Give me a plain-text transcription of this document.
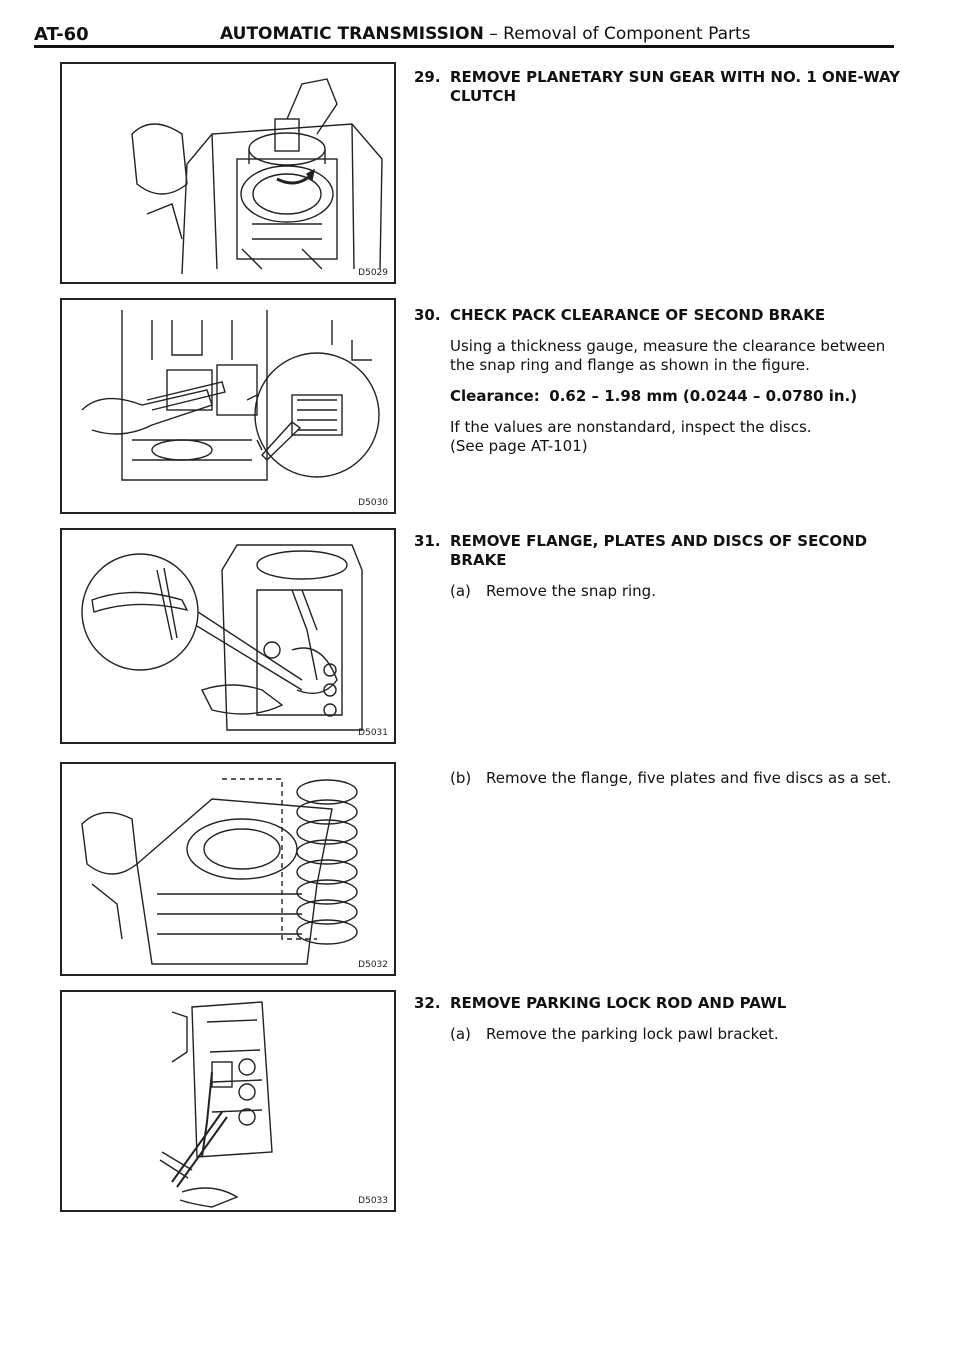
AT-60	AUTOMATIC TRANSMISSION – Removal of Component Parts
D5029
D5030
D5031
D5032
D5033
29. REMOVE PLANETARY SUN GEAR WITH NO. 1 ONE-WAY CLUTCH
30. CHECK PACK CLEARANCE OF SECOND BRAKE

Using a thickness gauge, measure the clearance between the snap ring and flange as shown in the figure.

Clearance: 0.62 – 1.98 mm (0.0244 – 0.0780 in.)

If the values are nonstandard, inspect the discs.

(See page AT-101)

31. REMOVE FLANGE, PLATES AND DISCS OF SECOND BRAKE
(a)	Remove the snap ring.
(b) Remove the flange, five plates and five discs as a set.
32. REMOVE PARKING LOCK ROD AND PAWL
(a)	Remove the parking lock pawl bracket.
